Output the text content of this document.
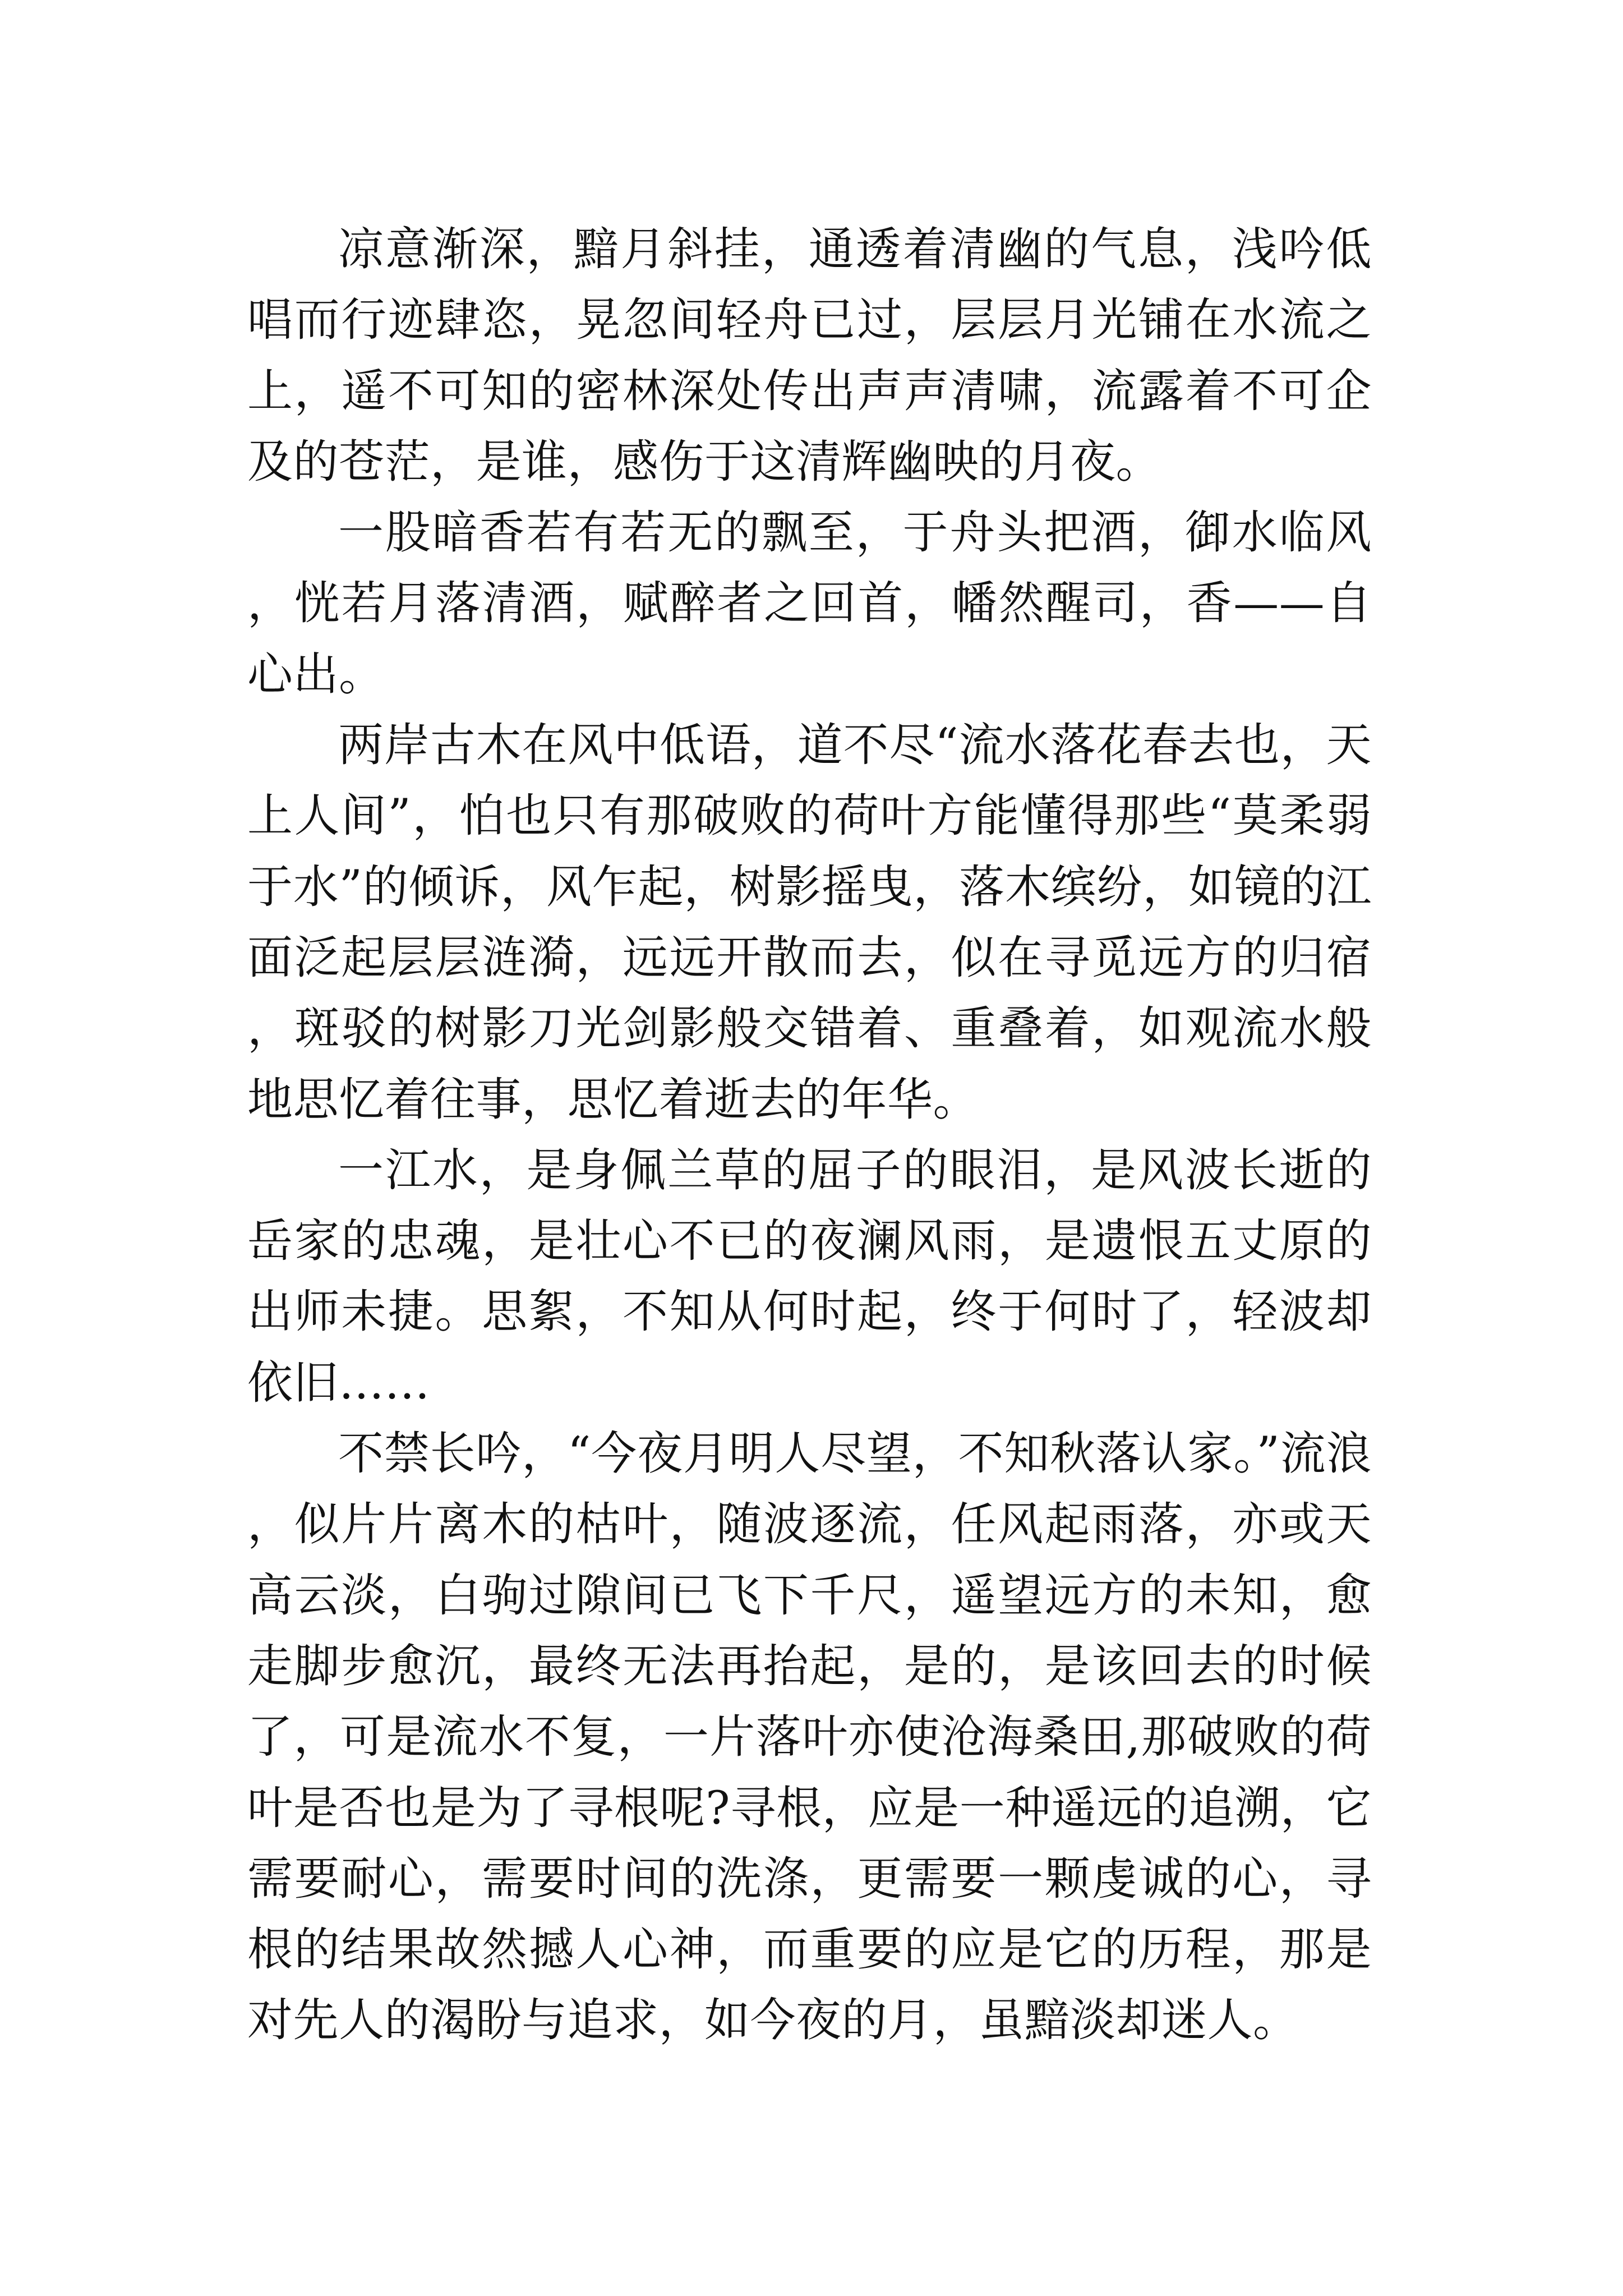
凉意渐深，黯月斜挂，通透着清幽的气息，浅吟低唱而行迹肆恣，晃忽间轻舟已过，层层月光铺在水流之上，遥不可知的密林深处传出声声清啸，流露着不可企及的苍茫，是谁，感伤于这清辉幽映的月夜。

一股暗香若有若无的飘至，于舟头把酒，御水临风，恍若月落清酒，赋醉者之回首，幡然醒司，香——自心出。

两岸古木在风中低语，道不尽“流水落花春去也，天上人间”，怕也只有那破败的荷叶方能懂得那些“莫柔弱于水”的倾诉，风乍起，树影摇曳，落木缤纷，如镜的江面泛起层层涟漪，远远开散而去，似在寻觅远方的归宿，斑驳的树影刀光剑影般交错着、重叠着，如观流水般地思忆着往事，思忆着逝去的年华。

一江水，是身佩兰草的屈子的眼泪，是风波长逝的岳家的忠魂，是壮心不已的夜澜风雨，是遗恨五丈原的出师未捷。思絮，不知从何时起，终于何时了，轻波却依旧……

不禁长吟，“今夜月明人尽望，不知秋落认家。”流浪，似片片离木的枯叶，随波逐流，任风起雨落，亦或天高云淡，白驹过隙间已飞下千尺，遥望远方的未知，愈走脚步愈沉，最终无法再抬起，是的，是该回去的时候了，可是流水不复，一片落叶亦使沧海桑田,那破败的荷叶是否也是为了寻根呢?寻根，应是一种遥远的追溯，它需要耐心，需要时间的洗涤，更需要一颗虔诚的心，寻根的结果故然撼人心神，而重要的应是它的历程，那是对先人的渴盼与追求，如今夜的月，虽黯淡却迷人。
